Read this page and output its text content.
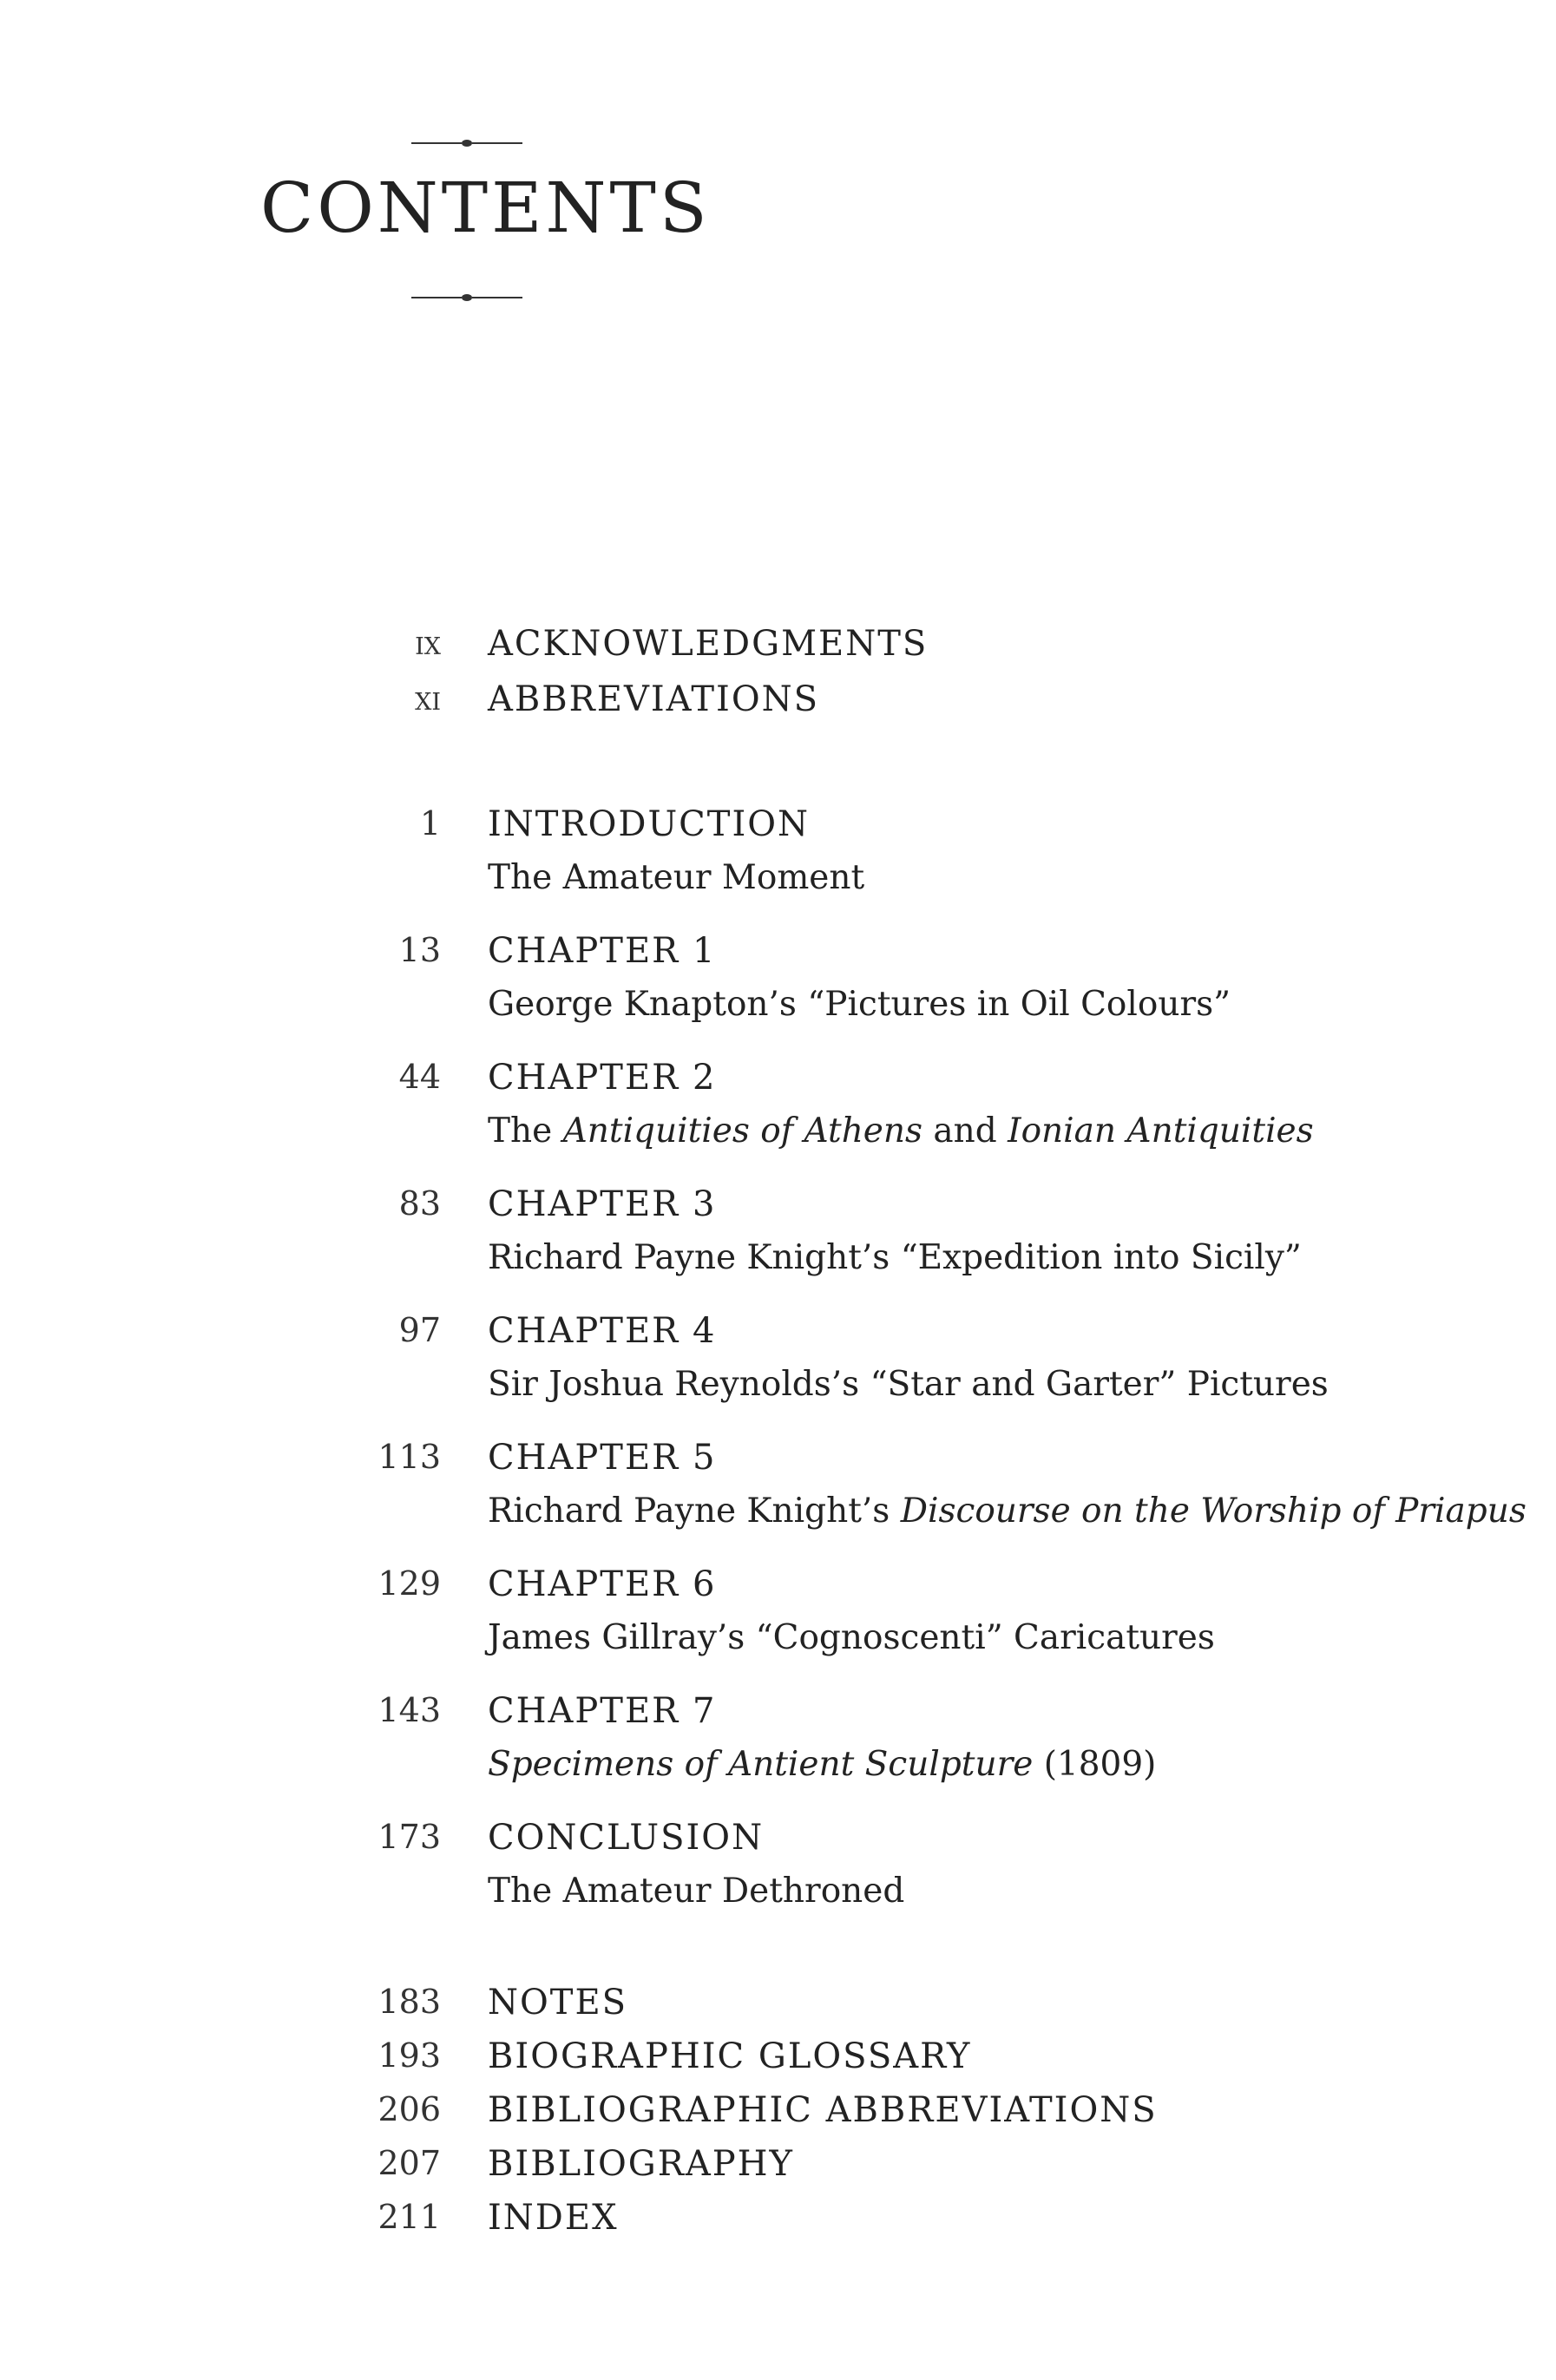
CONTENTS
ix ACKNOWLEDGMENTS
xi ABBREVIATIONS
1 INTRODUCTION
The Amateur Moment
13 CHAPTER 1
George Knapton’s “Pictures in Oil Colours”
44 CHAPTER 2
The Antiquities of Athens and Ionian Antiquities
83 CHAPTER 3
Richard Payne Knight’s “Expedition into Sicily”
97 CHAPTER 4
Sir Joshua Reynolds’s “Star and Garter” Pictures
113 CHAPTER 5
Richard Payne Knight’s Discourse on the Worship of Priapus
129 CHAPTER 6
James Gillray’s “Cognoscenti” Caricatures
143 CHAPTER 7
Specimens of Antient Sculpture (1809)
173 CONCLUSION
The Amateur Dethroned
183 NOTES
193 BIOGRAPHIC GLOSSARY
206 BIBLIOGRAPHIC ABBREVIATIONS
207 BIBLIOGRAPHY
211 INDEX
